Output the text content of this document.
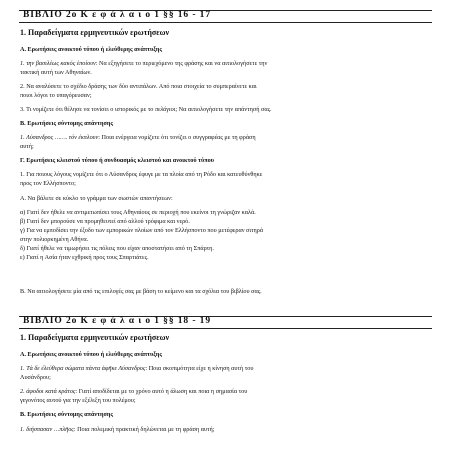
ΒΙΒΛΙΟ 2ο Κ ε φ ά λ α ι ο 1 §§ 16 - 17
1. Παραδείγματα ερμηνευτικών ερωτήσεων
Α. Ερωτήσεις ανοικτού τύπου ή ελεύθερης ανάπτυξης
1. την βασιλέως κακός ἐποίουν: Να εξηγήσετε το περιεχόμενο της φράσης και να αιτιολογήσετε την
τακτική αυτή των Αθηναίων.
2. Να αναλύσετε το σχέδιο δράσης των δύο αντιπάλων. Από ποια στοιχεία το συμπεραίνετε και
ποιοι λόγοι το υπαγόρευσαν;
3. Τι νομίζετε ότι θέλησε να τονίσει ο ιστορικός με το πελάγιοι; Να αιτιολογήσετε την απάντησή σας.
Β. Ερωτήσεις σύντομης απάντησης
1. Λύσανδρος ……. τόν ἐκπλουν: Ποια ενέργεια νομίζετε ότι τονίζει ο συγγραφέας με τη φράση
αυτή;
Γ. Ερωτήσεις κλειστού τύπου ή συνδυασμός κλειστού και ανοικτού τύπου
1. Για ποιους λόγους νομίζετε ότι ο Λύσανδρος έφυγε με τα πλοία από τη Ρόδο και κατευθύνθηκε
προς τον Ελλήσποντο;
Α. Να βάλετε σε κύκλο το γράμμα των σωστών απαντήσεων:
α) Γιατί δεν ήθελε να αντιμετωπίσει τους Αθηναίους σε περιοχή που εκείνοι τη γνώριζαν καλά.
β) Γιατί δεν μπορούσε να προμηθευτεί από αλλού τρόφιμα και νερό.
γ) Για να εμποδίσει την έξοδο των εμπορικών πλοίων από τον Ελλήσποντο που μετέφεραν σιτηρά
στην πολιορκημένη Αθήνα.
δ) Γιατί ήθελε να τιμωρήσει τις πόλεις που είχαν αποστατήσει από τη Σπάρτη.
ε) Γιατί η Ασία ήταν εχθρική προς τους Σπαρτιάτες.
Β. Να αιτιολογήσετε μία από τις επιλογές σας με βάση το κείμενο και τα σχόλια του βιβλίου σας.
ΒΙΒΛΙΟ 2ο Κ ε φ ά λ α ι ο 1 §§ 18 - 19
1. Παραδείγματα ερμηνευτικών ερωτήσεων
Α. Ερωτήσεις ανοικτού τύπου ή ελεύθερης ανάπτυξης
1. Τὰ δε ἐλεύθερα σώματα πάντα ἀφῆκε Λύσανδρος: Ποια σκοπιμότητα είχε η κίνηση αυτή του
Λυσάνδρου;
2. ἀφοδοι κατά κράτος: Γιατί αποδίδεται με το χρόνο αυτό η άλωση και ποια η σημασία του
γεγονότος αυτού για την εξέλιξη του πολέμου;
Β. Ερωτήσεις σύντομης απάντησης
1. διήσπασαν …πλῆος: Ποια πολεμική πρακτική δηλώνεται με τη φράση αυτή;
